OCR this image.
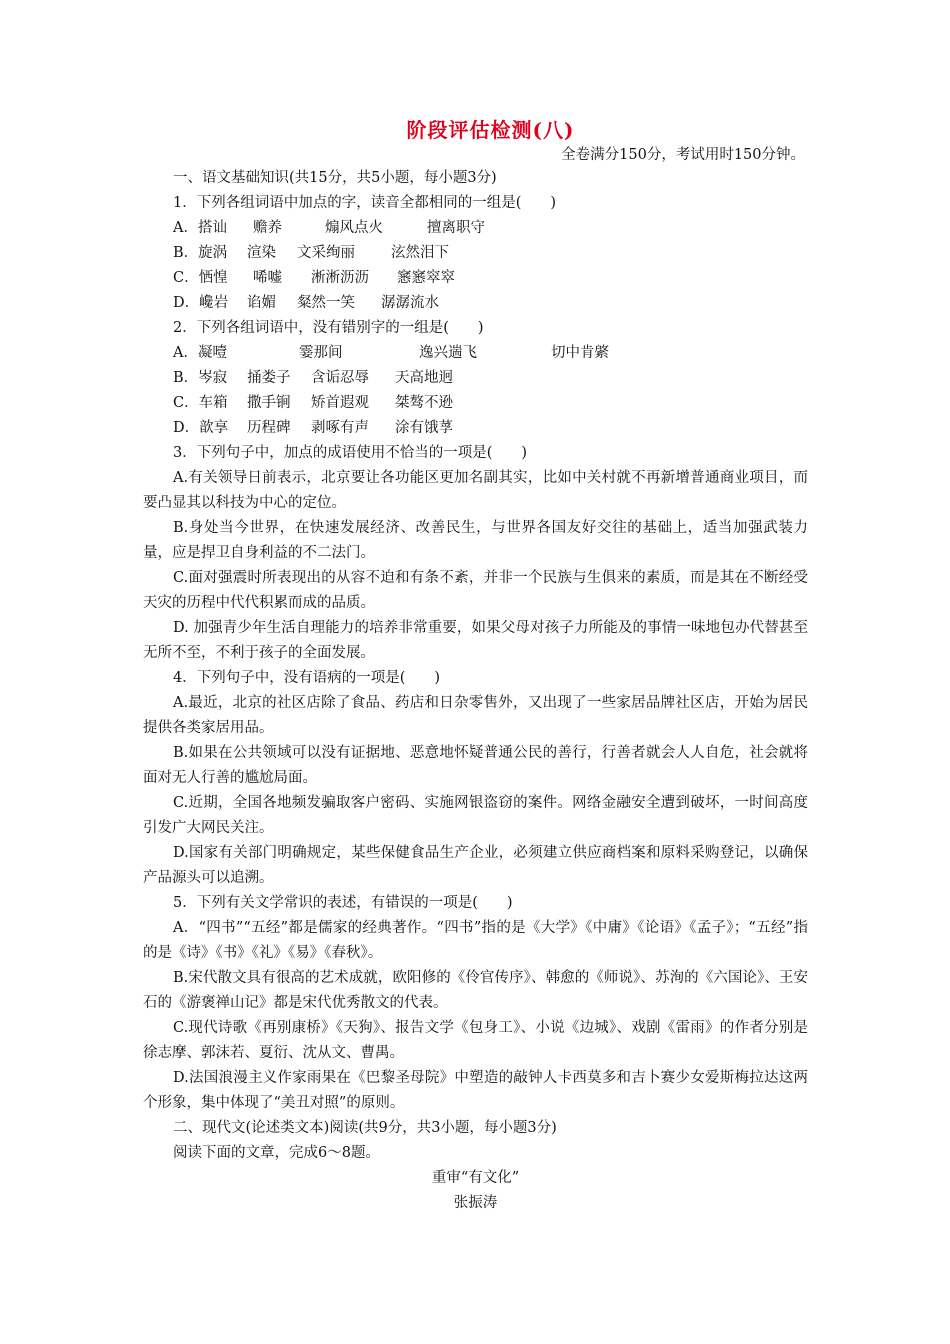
阶段评估检测(八)
全卷满分150分，考试用时150分钟。
一、语文基础知识(共15分，共5小题，每小题3分)
1．下列各组词语中加点的字，读音全都相同的一组是(　　)
A．搭讪 赡养	煽风点火	擅离职守
B．旋涡 渲染 文采绚丽 泫然泪下
C．恓惶 唏嘘 淅淅沥沥 窸窸窣窣
D．巉岩 谄媚 粲然一笑 潺潺流水
2．下列各组词语中，没有错别字的一组是(　　)
A．凝噎	霎那间	逸兴遄飞	切中肯綮
B．岑寂 捅娄子 含诟忍辱 天高地迥
C．车箱 撒手锏 矫首遐观 桀骜不逊
D．歆享 历程碑 剥啄有声 涂有饿莩
3．下列句子中，加点的成语使用不恰当的一项是(　　)

A.有关领导日前表示，北京要让各功能区更加名副其实，比如中关村就不再新增普通商业项目，而要凸显其以科技为中心的定位。

B.身处当今世界，在快速发展经济、改善民生，与世界各国友好交往的基础上，适当加强武装力量，应是捍卫自身利益的不二法门。

C.面对强震时所表现出的从容不迫和有条不紊，并非一个民族与生俱来的素质，而是其在不断经受天灾的历程中代代积累而成的品质。

D. 加强青少年生活自理能力的培养非常重要，如果父母对孩子力所能及的事情一味地包办代替甚至无所不至，不利于孩子的全面发展。

4．下列句子中，没有语病的一项是(　　)

A.最近，北京的社区店除了食品、药店和日杂零售外，又出现了一些家居品牌社区店，开始为居民提供各类家居用品。

B.如果在公共领域可以没有证据地、恶意地怀疑普通公民的善行，行善者就会人人自危，社会就将面对无人行善的尴尬局面。

C.近期，全国各地频发骗取客户密码、实施网银盗窃的案件。网络金融安全遭到破坏，一时间高度引发广大网民关注。

D.国家有关部门明确规定，某些保健食品生产企业，必须建立供应商档案和原料采购登记，以确保产品源头可以追溯。

5．下列有关文学常识的表述，有错误的一项是(　　)

A．“四书”“五经”都是儒家的经典著作。“四书”指的是《大学》《中庸》《论语》《孟子》；“五经”指的是《诗》《书》《礼》《易》《春秋》。

B.宋代散文具有很高的艺术成就，欧阳修的《伶官传序》、韩愈的《师说》、苏洵的《六国论》、王安石的《游褒禅山记》都是宋代优秀散文的代表。

C.现代诗歌《再别康桥》《天狗》、报告文学《包身工》、小说《边城》、戏剧《雷雨》的作者分别是徐志摩、郭沫若、夏衍、沈从文、曹禺。

D.法国浪漫主义作家雨果在《巴黎圣母院》中塑造的敲钟人卡西莫多和吉卜赛少女爱斯梅拉达这两个形象，集中体现了“美丑对照”的原则。

二、现代文(论述类文本)阅读(共9分，共3小题，每小题3分)
阅读下面的文章，完成6～8题。
重审“有文化”
张振涛
